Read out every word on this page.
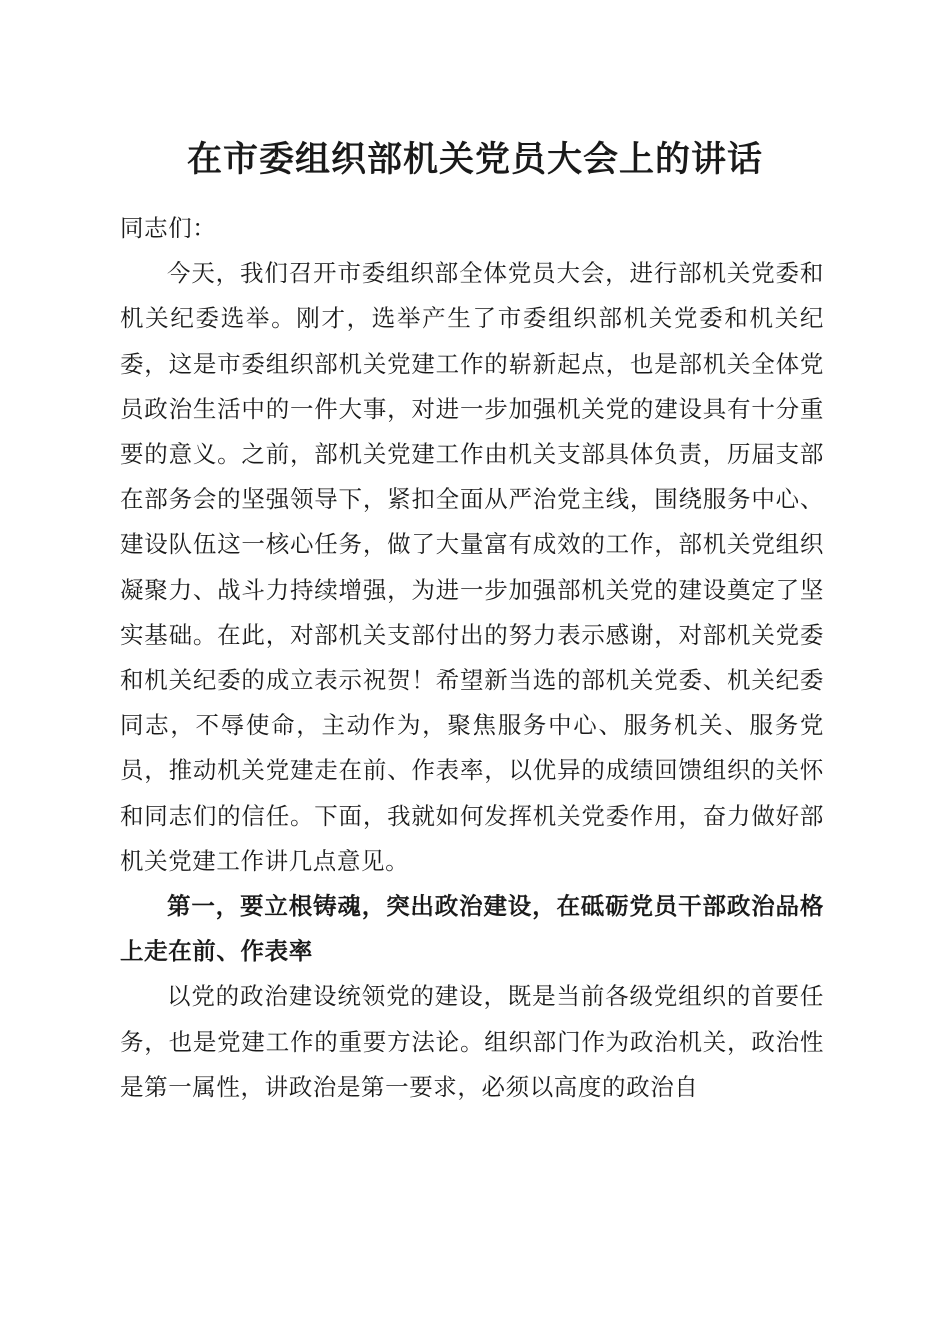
在市委组织部机关党员大会上的讲话

同志们：

今天，我们召开市委组织部全体党员大会，进行部机关党委和机关纪委选举。刚才，选举产生了市委组织部机关党委和机关纪委，这是市委组织部机关党建工作的崭新起点，也是部机关全体党员政治生活中的一件大事，对进一步加强机关党的建设具有十分重要的意义。之前，部机关党建工作由机关支部具体负责，历届支部在部务会的坚强领导下，紧扣全面从严治党主线，围绕服务中心、建设队伍这一核心任务，做了大量富有成效的工作，部机关党组织凝聚力、战斗力持续增强，为进一步加强部机关党的建设奠定了坚实基础。在此，对部机关支部付出的努力表示感谢，对部机关党委和机关纪委的成立表示祝贺！希望新当选的部机关党委、机关纪委同志，不辱使命，主动作为，聚焦服务中心、服务机关、服务党员，推动机关党建走在前、作表率，以优异的成绩回馈组织的关怀和同志们的信任。下面，我就如何发挥机关党委作用，奋力做好部机关党建工作讲几点意见。

第一，要立根铸魂，突出政治建设，在砥砺党员干部政治品格上走在前、作表率

以党的政治建设统领党的建设，既是当前各级党组织的首要任务，也是党建工作的重要方法论。组织部门作为政治机关，政治性是第一属性，讲政治是第一要求，必须以高度的政治自
